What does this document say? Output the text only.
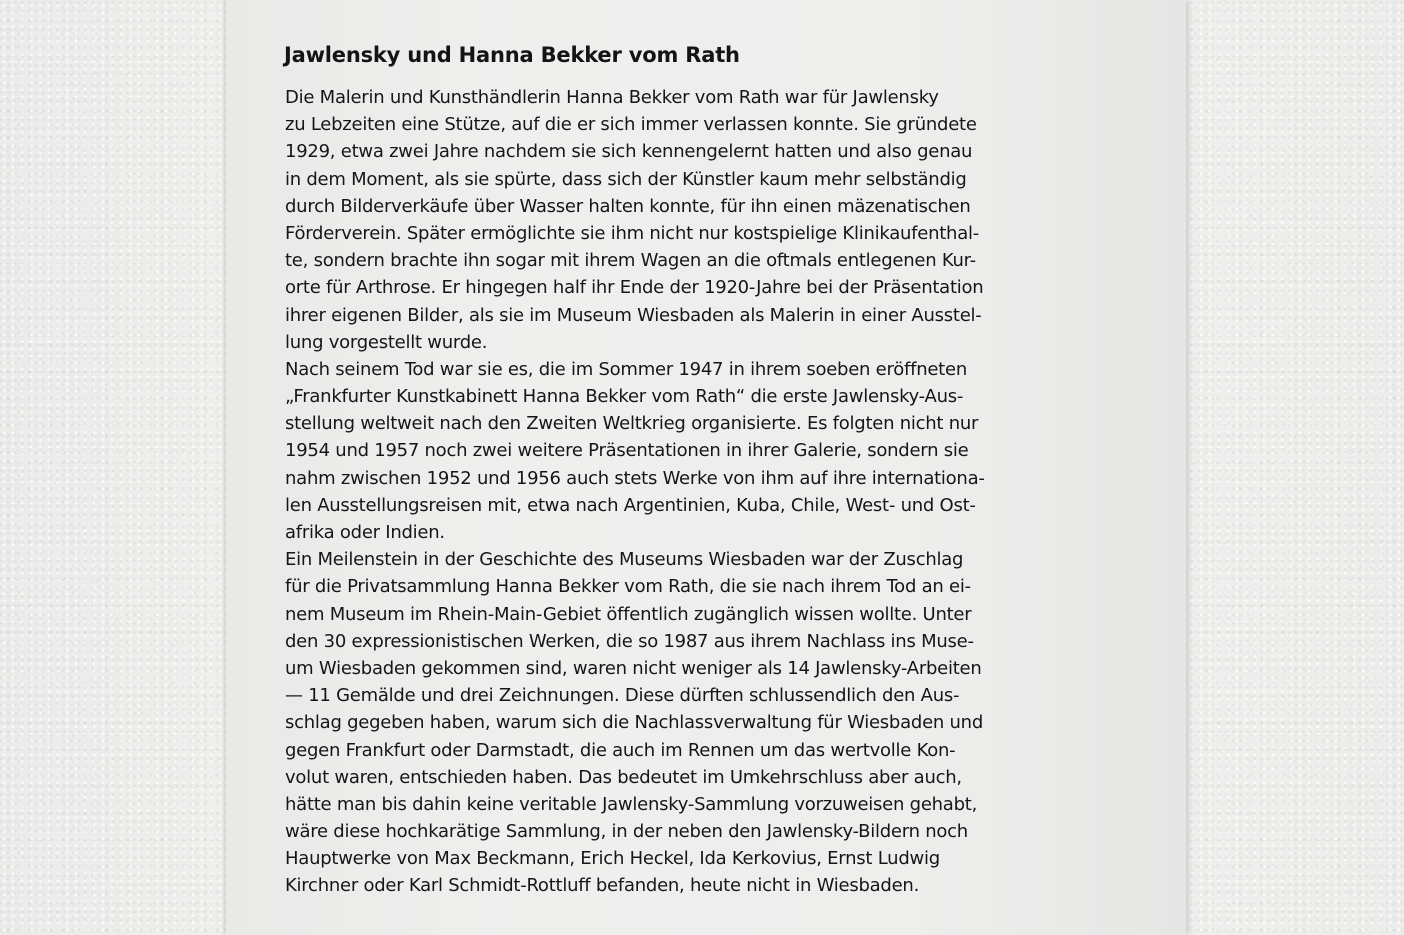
Jawlensky und Hanna Bekker vom Rath
Die Malerin und Kunsthändlerin Hanna Bekker vom Rath war für Jawlensky
zu Lebzeiten eine Stütze, auf die er sich immer verlassen konnte. Sie gründete
1929, etwa zwei Jahre nachdem sie sich kennengelernt hatten und also genau
in dem Moment, als sie spürte, dass sich der Künstler kaum mehr selbständig
durch Bilderverkäufe über Wasser halten konnte, für ihn einen mäzenatischen
Förderverein. Später ermöglichte sie ihm nicht nur kostspielige Klinikaufenthal-
te, sondern brachte ihn sogar mit ihrem Wagen an die oftmals entlegenen Kur-
orte für Arthrose. Er hingegen half ihr Ende der 1920-Jahre bei der Präsentation
ihrer eigenen Bilder, als sie im Museum Wiesbaden als Malerin in einer Ausstel-
lung vorgestellt wurde.
Nach seinem Tod war sie es, die im Sommer 1947 in ihrem soeben eröffneten
„Frankfurter Kunstkabinett Hanna Bekker vom Rath“ die erste Jawlensky-Aus-
stellung weltweit nach den Zweiten Weltkrieg organisierte. Es folgten nicht nur
1954 und 1957 noch zwei weitere Präsentationen in ihrer Galerie, sondern sie
nahm zwischen 1952 und 1956 auch stets Werke von ihm auf ihre internationa-
len Ausstellungsreisen mit, etwa nach Argentinien, Kuba, Chile, West- und Ost-
afrika oder Indien.
Ein Meilenstein in der Geschichte des Museums Wiesbaden war der Zuschlag
für die Privatsammlung Hanna Bekker vom Rath, die sie nach ihrem Tod an ei-
nem Museum im Rhein-Main-Gebiet öffentlich zugänglich wissen wollte. Unter
den 30 expressionistischen Werken, die so 1987 aus ihrem Nachlass ins Muse-
um Wiesbaden gekommen sind, waren nicht weniger als 14 Jawlensky-Arbeiten
— 11 Gemälde und drei Zeichnungen. Diese dürften schlussendlich den Aus-
schlag gegeben haben, warum sich die Nachlassverwaltung für Wiesbaden und
gegen Frankfurt oder Darmstadt, die auch im Rennen um das wertvolle Kon-
volut waren, entschieden haben. Das bedeutet im Umkehrschluss aber auch,
hätte man bis dahin keine veritable Jawlensky-Sammlung vorzuweisen gehabt,
wäre diese hochkarätige Sammlung, in der neben den Jawlensky-Bildern noch
Hauptwerke von Max Beckmann, Erich Heckel, Ida Kerkovius, Ernst Ludwig
Kirchner oder Karl Schmidt-Rottluff befanden, heute nicht in Wiesbaden.
